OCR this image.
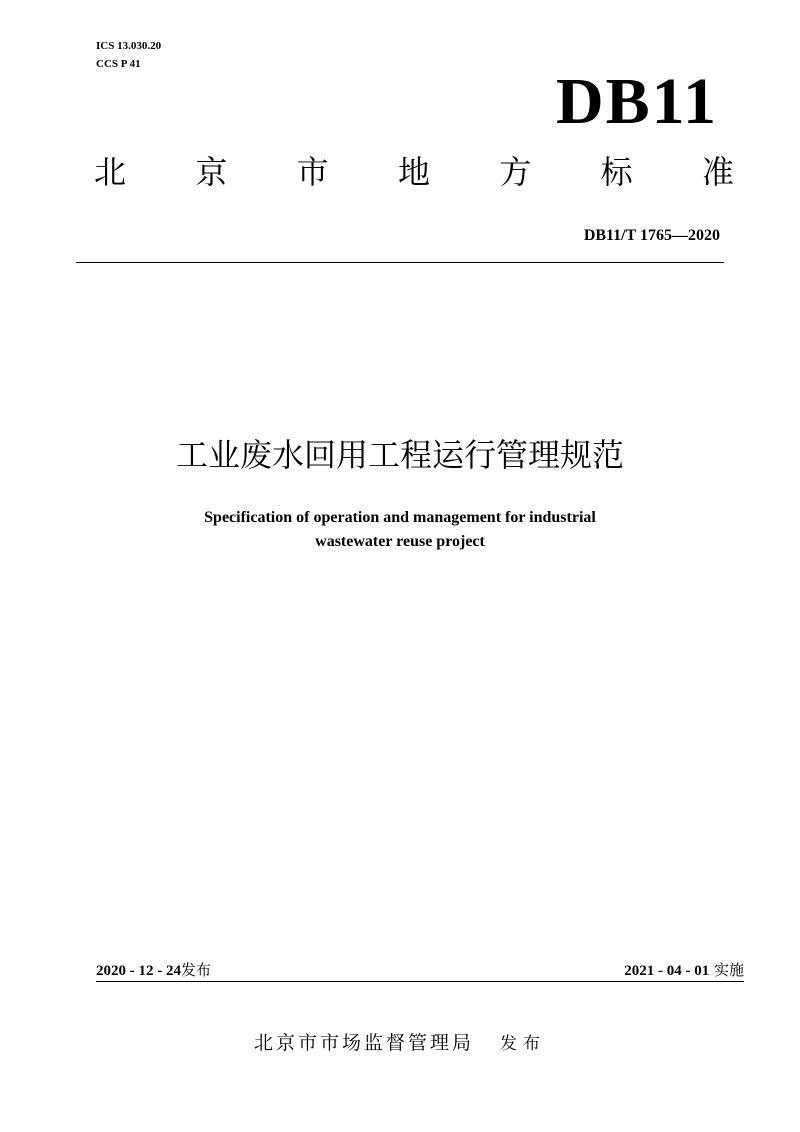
ICS 13.030.20
CCS P 41
DB11
北 京 市 地 方 标 准
DB11/T 1765—2020
工业废水回用工程运行管理规范
Specification of operation and management for industrial
wastewater reuse project
2020 - 12 - 24发布	2021 - 04 - 01 实施
北京市市场监督管理局 发布
